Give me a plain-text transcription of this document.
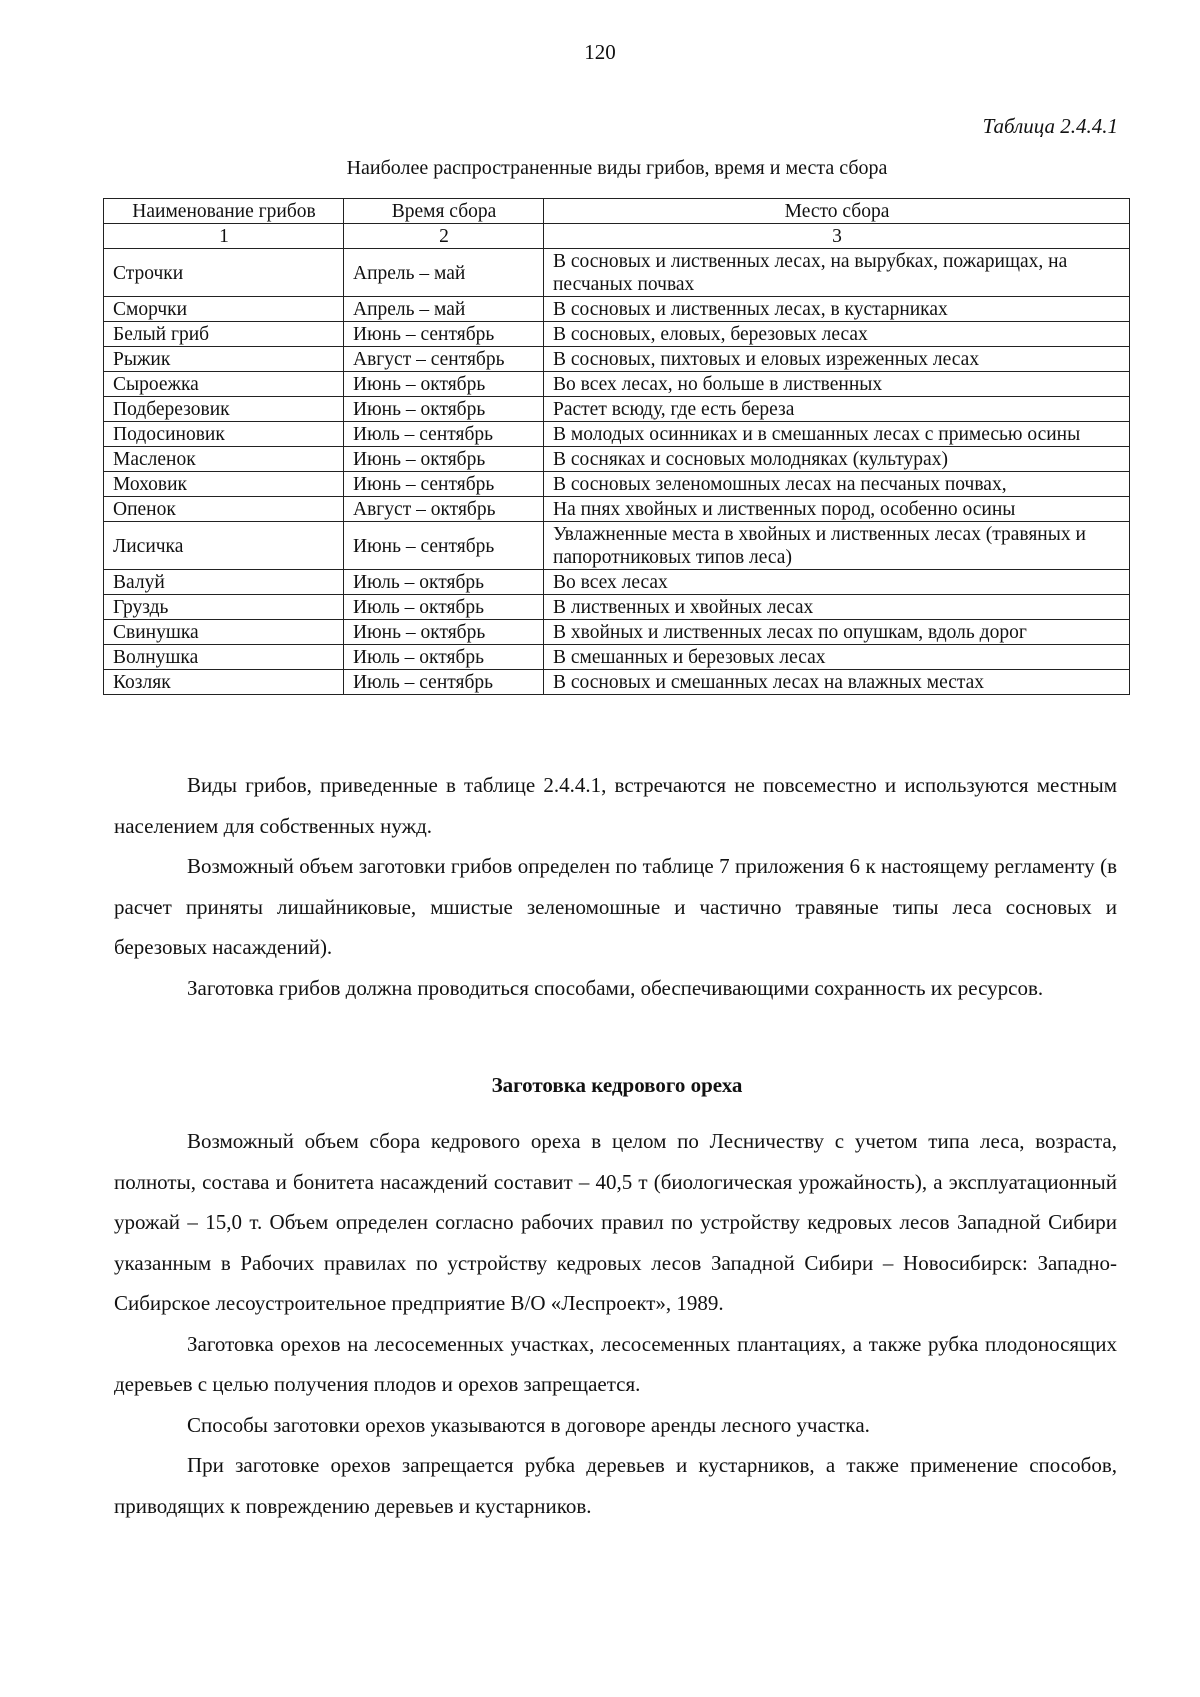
120
Таблица 2.4.4.1
Наиболее распространенные виды грибов, время и места сбора
Наименование грибов	Время сбора	Место сбора
1	2	3
Строчки	Апрель – май	В сосновых и лиственных лесах, на вырубках, пожарищах, на песчаных почвах
Сморчки	Апрель – май	В сосновых и лиственных лесах, в кустарниках
Белый гриб	Июнь – сентябрь	В сосновых, еловых, березовых лесах
Рыжик	Август – сентябрь	В сосновых, пихтовых и еловых изреженных лесах
Сыроежка	Июнь – октябрь	Во всех лесах, но больше в лиственных
Подберезовик	Июнь – октябрь	Растет всюду, где есть береза
Подосиновик	Июль – сентябрь	В молодых осинниках и в смешанных лесах с примесью осины
Масленок	Июнь – октябрь	В сосняках и сосновых молодняках (культурах)
Моховик	Июнь – сентябрь	В сосновых зеленомошных лесах на песчаных почвах,
Опенок	Август – октябрь	На пнях хвойных и лиственных пород, особенно осины
Лисичка	Июнь – сентябрь	Увлажненные места в хвойных и лиственных лесах (травяных и папоротниковых типов леса)
Валуй	Июль – октябрь	Во всех лесах
Груздь	Июль – октябрь	В лиственных и хвойных лесах
Свинушка	Июнь – октябрь	В хвойных и лиственных лесах по опушкам, вдоль дорог
Волнушка	Июль – октябрь	В смешанных и березовых лесах
Козляк	Июль – сентябрь	В сосновых и смешанных лесах на влажных местах

Виды грибов, приведенные в таблице 2.4.4.1, встречаются не повсеместно и используются местным населением для собственных нужд.

Возможный объем заготовки грибов определен по таблице 7 приложения 6 к настоящему регламенту (в расчет приняты лишайниковые, мшистые зеленомошные и частично травяные типы леса сосновых и березовых насаждений).

Заготовка грибов должна проводиться способами, обеспечивающими сохранность их ресурсов.

Заготовка кедрового ореха

Возможный объем сбора кедрового ореха в целом по Лесничеству с учетом типа леса, возраста, полноты, состава и бонитета насаждений составит – 40,5 т (биологическая урожайность), а эксплуатационный урожай – 15,0 т. Объем определен согласно рабочих правил по устройству кедровых лесов Западной Сибири указанным в Рабочих правилах по устройству кедровых лесов Западной Сибири – Новосибирск: Западно-Сибирское лесоустроительное предприятие В/О «Леспроект», 1989.

Заготовка орехов на лесосеменных участках, лесосеменных плантациях, а также рубка плодоносящих деревьев с целью получения плодов и орехов запрещается.

Способы заготовки орехов указываются в договоре аренды лесного участка.

При заготовке орехов запрещается рубка деревьев и кустарников, а также применение способов, приводящих к повреждению деревьев и кустарников.
